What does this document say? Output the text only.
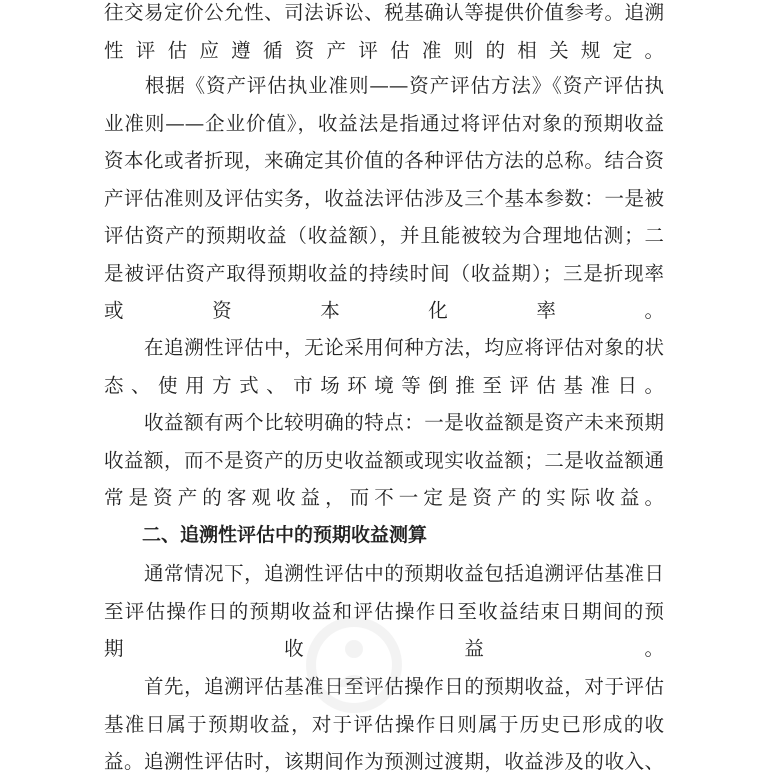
往交易定价公允性、司法诉讼、税基确认等提供价值参考。追溯
性评估应遵循资产评估准则的相关规定。
　　根据《资产评估执业准则——资产评估方法》《资产评估执
业准则——企业价值》，收益法是指通过将评估对象的预期收益
资本化或者折现，来确定其价值的各种评估方法的总称。结合资
产评估准则及评估实务，收益法评估涉及三个基本参数：一是被
评估资产的预期收益（收益额），并且能被较为合理地估测；二
是被评估资产取得预期收益的持续时间（收益期）；三是折现率
或资本化率。
　　在追溯性评估中，无论采用何种方法，均应将评估对象的状
态、使用方式、市场环境等倒推至评估基准日。
　　收益额有两个比较明确的特点：一是收益额是资产未来预期
收益额，而不是资产的历史收益额或现实收益额；二是收益额通
常是资产的客观收益，而不一定是资产的实际收益。
二、追溯性评估中的预期收益测算
　　通常情况下，追溯性评估中的预期收益包括追溯评估基准日
至评估操作日的预期收益和评估操作日至收益结束日期间的预
期收益。
　　首先，追溯评估基准日至评估操作日的预期收益，对于评估
基准日属于预期收益，对于评估操作日则属于历史已形成的收
益。追溯性评估时，该期间作为预测过渡期，收益涉及的收入、
